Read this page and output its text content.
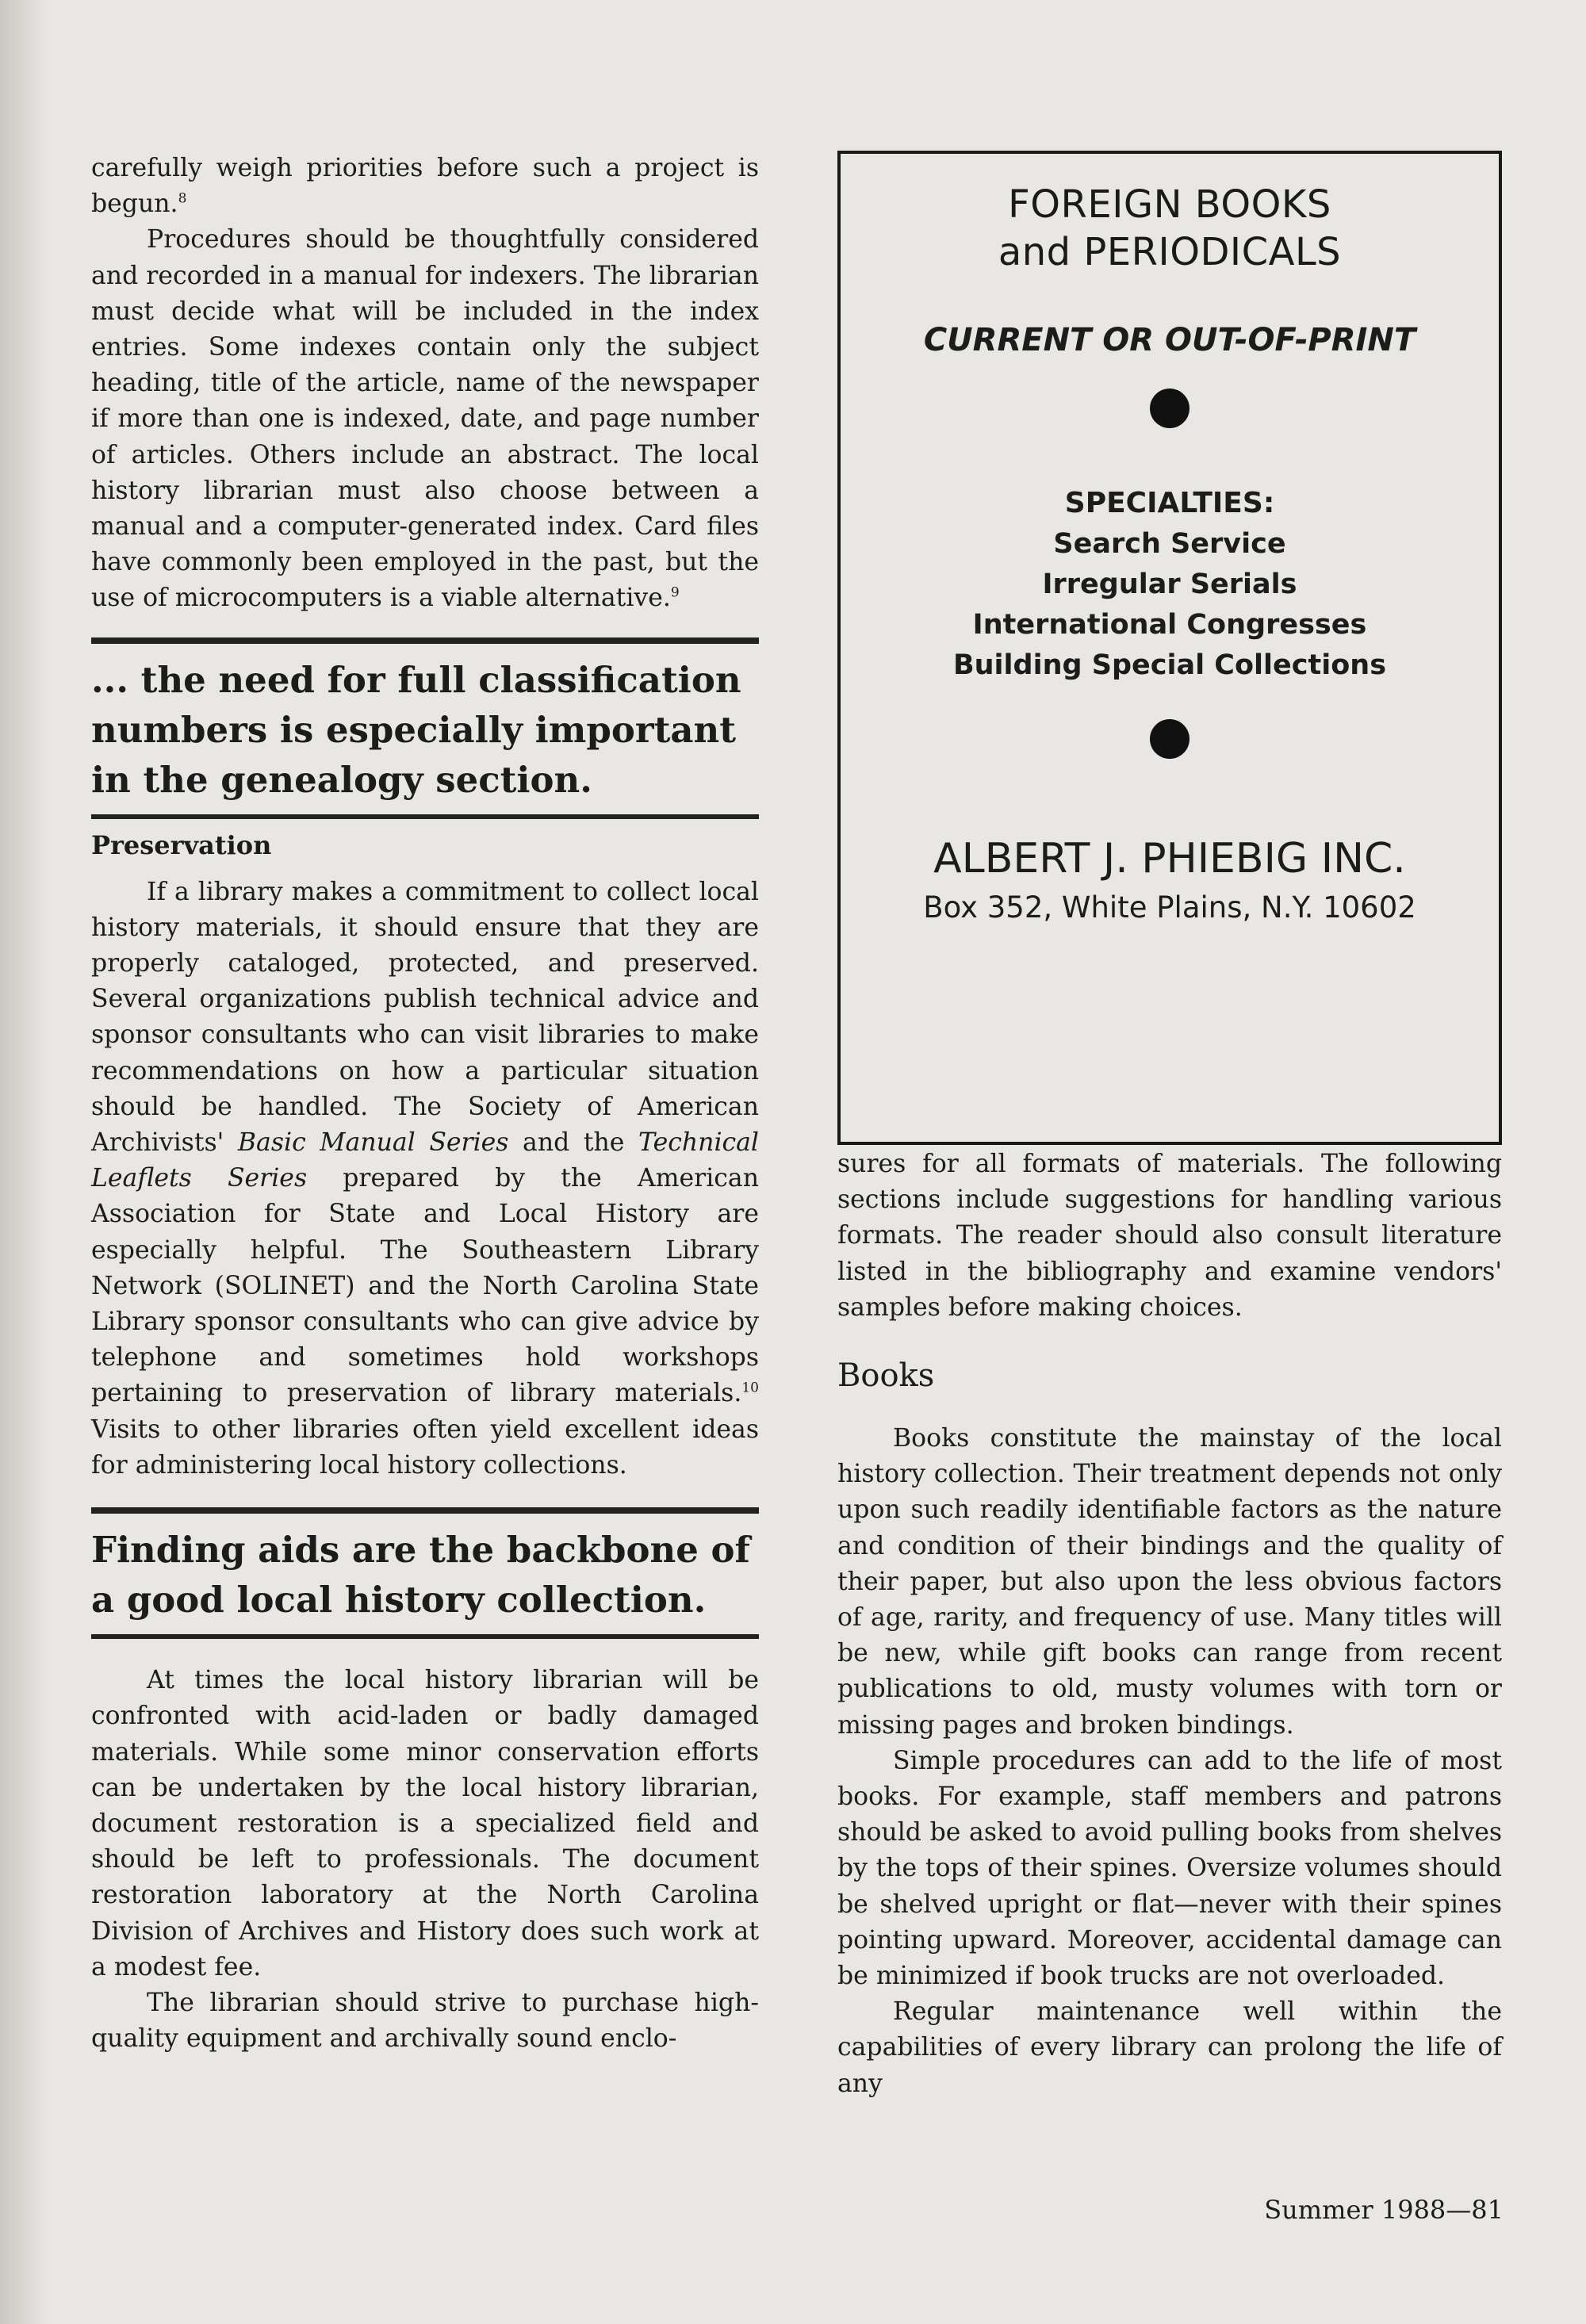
carefully weigh priorities before such a project is begun.$^8$

Procedures should be thoughtfully considered and recorded in a manual for indexers. The librarian must decide what will be included in the index entries. Some indexes contain only the subject heading, title of the article, name of the newspaper if more than one is indexed, date, and page number of articles. Others include an abstract. The local history librarian must also choose between a manual and a computer-generated index. Card files have commonly been employed in the past, but the use of microcomputers is a viable alternative.$^9$

... the need for full classification numbers is especially important in the genealogy section.

Preservation

If a library makes a commitment to collect local history materials, it should ensure that they are properly cataloged, protected, and preserved. Several organizations publish technical advice and sponsor consultants who can visit libraries to make recommendations on how a particular situation should be handled. The Society of American Archivists' Basic Manual Series and the Technical Leaflets Series prepared by the American Association for State and Local History are especially helpful. The Southeastern Library Network (SOLINET) and the North Carolina State Library sponsor consultants who can give advice by telephone and sometimes hold workshops pertaining to preservation of library materials.$^{10}$ Visits to other libraries often yield excellent ideas for administering local history collections.

Finding aids are the backbone of a good local history collection.

At times the local history librarian will be confronted with acid-laden or badly damaged materials. While some minor conservation efforts can be undertaken by the local history librarian, document restoration is a specialized field and should be left to professionals. The document restoration laboratory at the North Carolina Division of Archives and History does such work at a modest fee.

The librarian should strive to purchase high-quality equipment and archivally sound enclo-

FOREIGN BOOKS
and PERIODICALS
CURRENT OR OUT-OF-PRINT
SPECIALTIES:
Search Service
Irregular Serials
International Congresses
Building Special Collections
ALBERT J. PHIEBIG INC.
Box 352, White Plains, N.Y. 10602

sures for all formats of materials. The following sections include suggestions for handling various formats. The reader should also consult literature listed in the bibliography and examine vendors' samples before making choices.

Books

Books constitute the mainstay of the local history collection. Their treatment depends not only upon such readily identifiable factors as the nature and condition of their bindings and the quality of their paper, but also upon the less obvious factors of age, rarity, and frequency of use. Many titles will be new, while gift books can range from recent publications to old, musty volumes with torn or missing pages and broken bindings.

Simple procedures can add to the life of most books. For example, staff members and patrons should be asked to avoid pulling books from shelves by the tops of their spines. Oversize volumes should be shelved upright or flat—never with their spines pointing upward. Moreover, accidental damage can be minimized if book trucks are not overloaded.

Regular maintenance well within the capabilities of every library can prolong the life of any

Summer 1988—81
